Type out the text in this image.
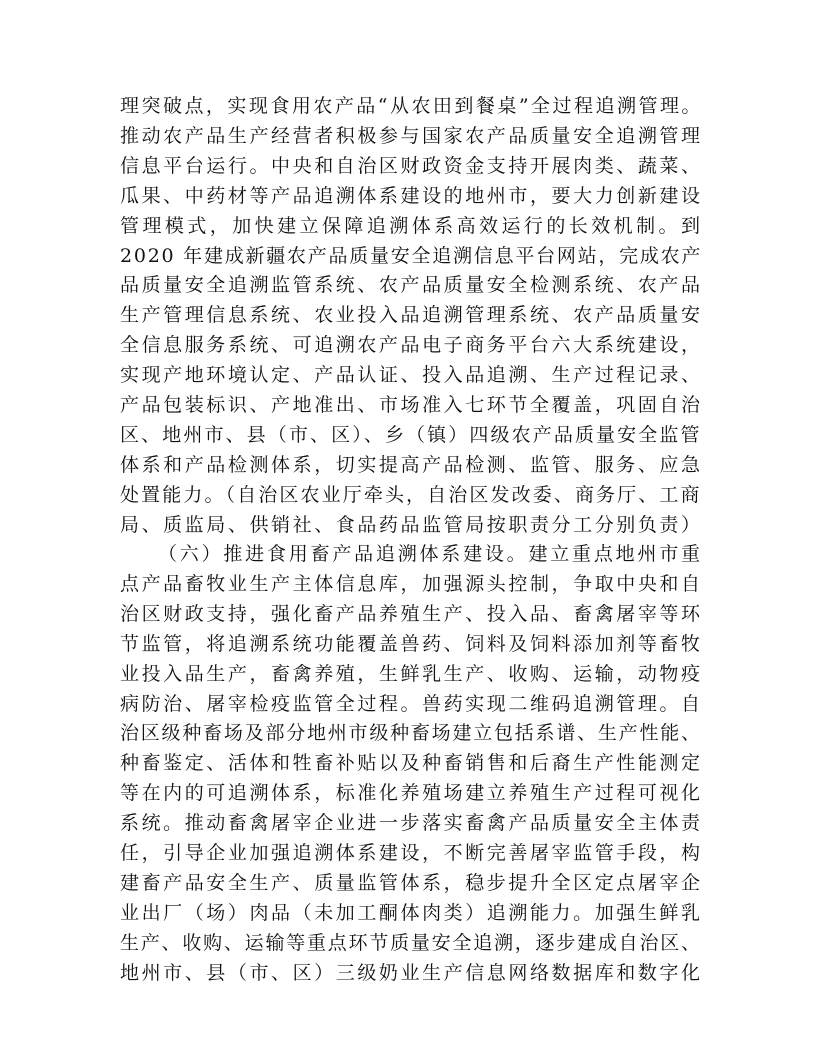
理突破点，实现食用农产品“从农田到餐桌”全过程追溯管理。
推动农产品生产经营者积极参与国家农产品质量安全追溯管理
信息平台运行。中央和自治区财政资金支持开展肉类、蔬菜、
瓜果、中药材等产品追溯体系建设的地州市，要大力创新建设
管理模式，加快建立保障追溯体系高效运行的长效机制。到
2020 年建成新疆农产品质量安全追溯信息平台网站，完成农产
品质量安全追溯监管系统、农产品质量安全检测系统、农产品
生产管理信息系统、农业投入品追溯管理系统、农产品质量安
全信息服务系统、可追溯农产品电子商务平台六大系统建设，
实现产地环境认定、产品认证、投入品追溯、生产过程记录、
产品包装标识、产地准出、市场准入七环节全覆盖，巩固自治
区、地州市、县（市、区）、乡（镇）四级农产品质量安全监管
体系和产品检测体系，切实提高产品检测、监管、服务、应急
处置能力。（自治区农业厅牵头，自治区发改委、商务厅、工商
局、质监局、供销社、食品药品监管局按职责分工分别负责）
（六）推进食用畜产品追溯体系建设。建立重点地州市重
点产品畜牧业生产主体信息库，加强源头控制，争取中央和自
治区财政支持，强化畜产品养殖生产、投入品、畜禽屠宰等环
节监管，将追溯系统功能覆盖兽药、饲料及饲料添加剂等畜牧
业投入品生产，畜禽养殖，生鲜乳生产、收购、运输，动物疫
病防治、屠宰检疫监管全过程。兽药实现二维码追溯管理。自
治区级种畜场及部分地州市级种畜场建立包括系谱、生产性能、
种畜鉴定、活体和牲畜补贴以及种畜销售和后裔生产性能测定
等在内的可追溯体系，标准化养殖场建立养殖生产过程可视化
系统。推动畜禽屠宰企业进一步落实畜禽产品质量安全主体责
任，引导企业加强追溯体系建设，不断完善屠宰监管手段，构
建畜产品安全生产、质量监管体系，稳步提升全区定点屠宰企
业出厂（场）肉品（未加工酮体肉类）追溯能力。加强生鲜乳
生产、收购、运输等重点环节质量安全追溯，逐步建成自治区、
地州市、县（市、区）三级奶业生产信息网络数据库和数字化
